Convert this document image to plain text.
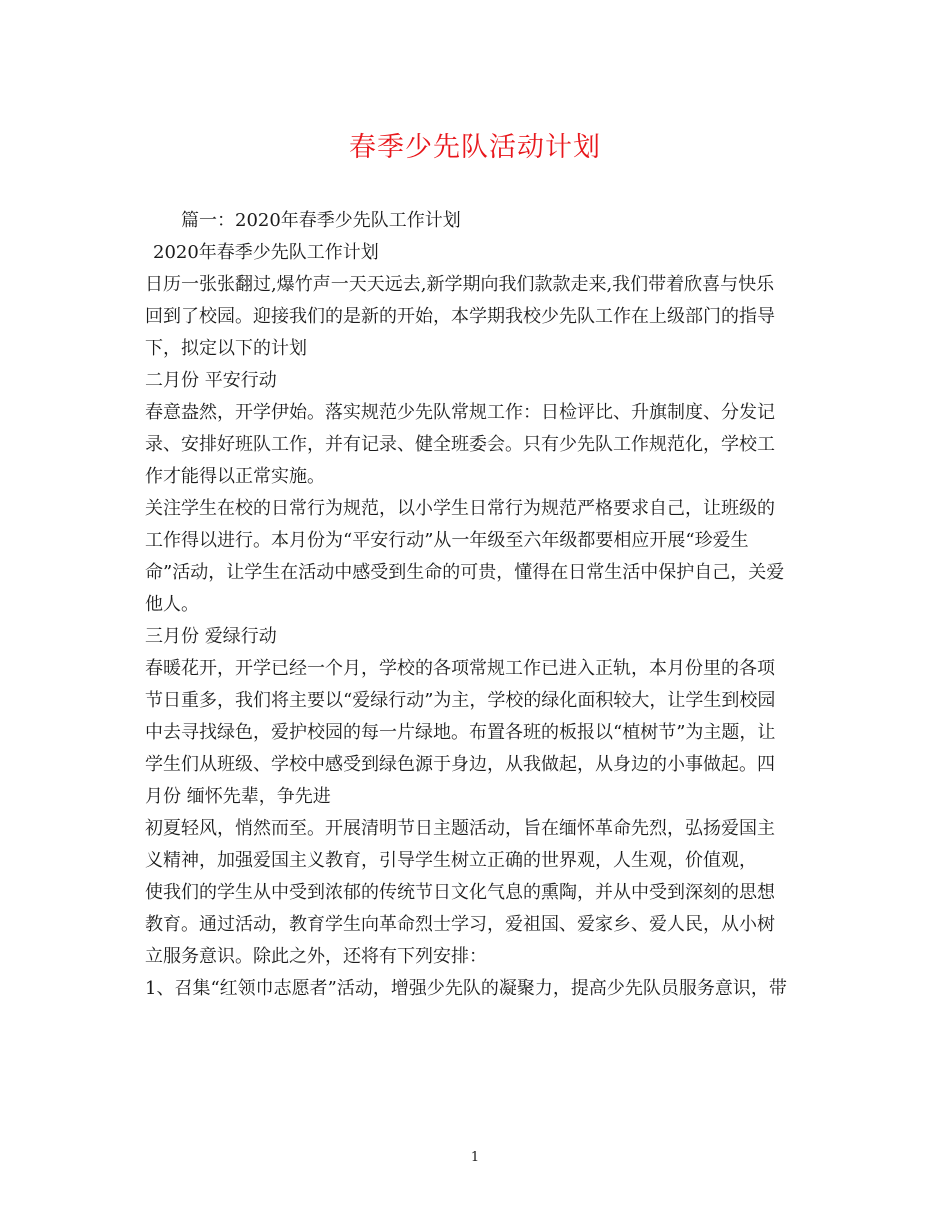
春季少先队活动计划
篇一：2020年春季少先队工作计划
2020年春季少先队工作计划
日历一张张翻过,爆竹声一天天远去,新学期向我们款款走来,我们带着欣喜与快乐
回到了校园。迎接我们的是新的开始，本学期我校少先队工作在上级部门的指导
下，拟定以下的计划
二月份 平安行动
春意盎然，开学伊始。落实规范少先队常规工作：日检评比、升旗制度、分发记
录、安排好班队工作，并有记录、健全班委会。只有少先队工作规范化，学校工
作才能得以正常实施。
关注学生在校的日常行为规范，以小学生日常行为规范严格要求自己，让班级的
工作得以进行。本月份为“平安行动”从一年级至六年级都要相应开展“珍爱生
命”活动，让学生在活动中感受到生命的可贵，懂得在日常生活中保护自己，关爱
他人。
三月份 爱绿行动
春暖花开，开学已经一个月，学校的各项常规工作已进入正轨，本月份里的各项
节日重多，我们将主要以“爱绿行动”为主，学校的绿化面积较大，让学生到校园
中去寻找绿色，爱护校园的每一片绿地。布置各班的板报以“植树节”为主题，让
学生们从班级、学校中感受到绿色源于身边，从我做起，从身边的小事做起。四
月份 缅怀先辈，争先进
初夏轻风，悄然而至。开展清明节日主题活动，旨在缅怀革命先烈，弘扬爱国主
义精神，加强爱国主义教育，引导学生树立正确的世界观，人生观，价值观，
使我们的学生从中受到浓郁的传统节日文化气息的熏陶，并从中受到深刻的思想
教育。通过活动，教育学生向革命烈士学习，爱祖国、爱家乡、爱人民，从小树
立服务意识。除此之外，还将有下列安排：
1、召集“红领巾志愿者”活动，增强少先队的凝聚力，提高少先队员服务意识，带
1
